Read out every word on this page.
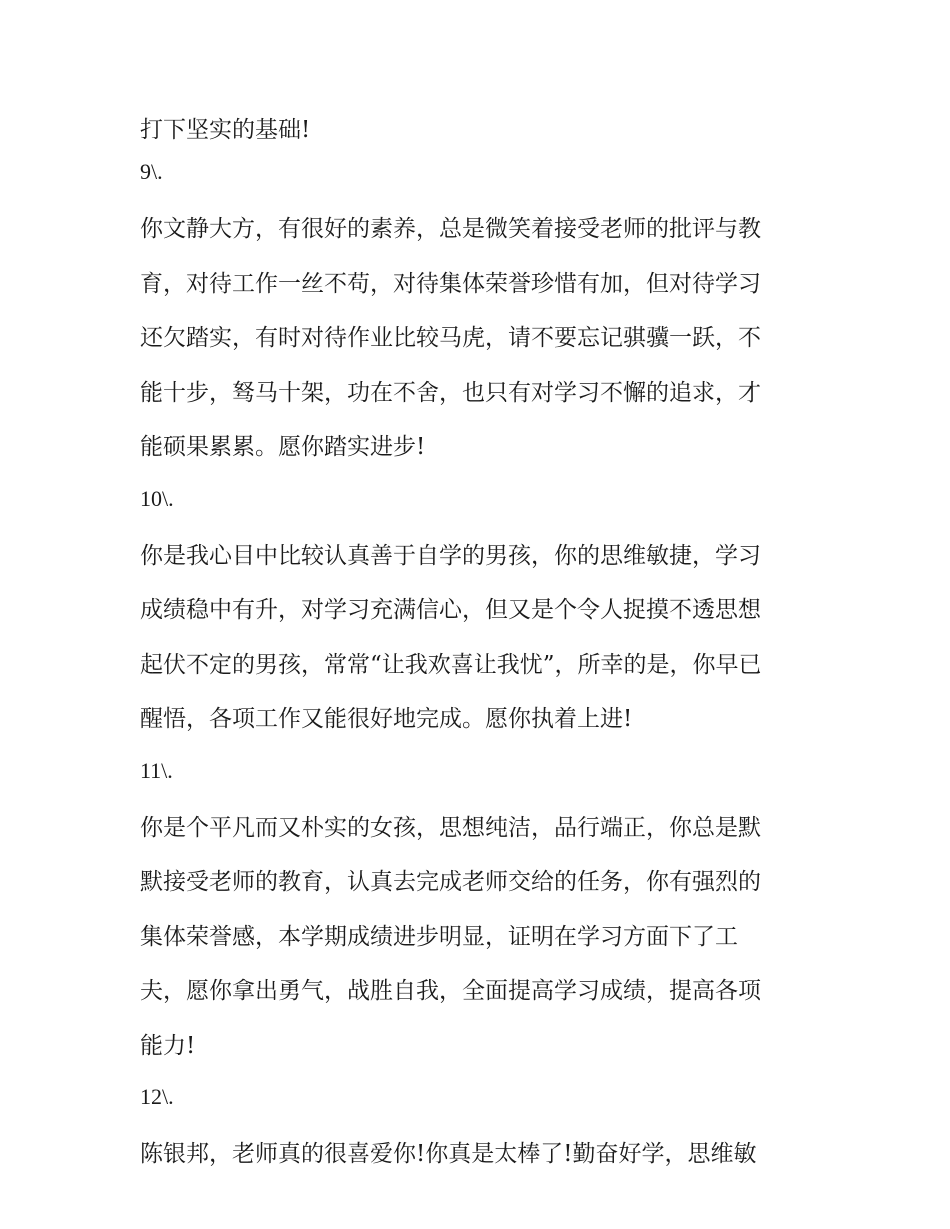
打下坚实的基础!
9\.

你文静大方，有很好的素养，总是微笑着接受老师的批评与教
育，对待工作一丝不苟，对待集体荣誉珍惜有加，但对待学习
还欠踏实，有时对待作业比较马虎，请不要忘记骐骥一跃，不
能十步，驽马十架，功在不舍，也只有对学习不懈的追求，才
能硕果累累。愿你踏实进步!

10\.

你是我心目中比较认真善于自学的男孩，你的思维敏捷，学习
成绩稳中有升，对学习充满信心，但又是个令人捉摸不透思想
起伏不定的男孩，常常“让我欢喜让我忧”，所幸的是，你早已
醒悟，各项工作又能很好地完成。愿你执着上进!

11\.

你是个平凡而又朴实的女孩，思想纯洁，品行端正，你总是默
默接受老师的教育，认真去完成老师交给的任务，你有强烈的
集体荣誉感，本学期成绩进步明显，证明在学习方面下了工
夫，愿你拿出勇气，战胜自我，全面提高学习成绩，提高各项
能力!

12\.

陈银邦，老师真的很喜爱你!你真是太棒了!勤奋好学，思维敏
